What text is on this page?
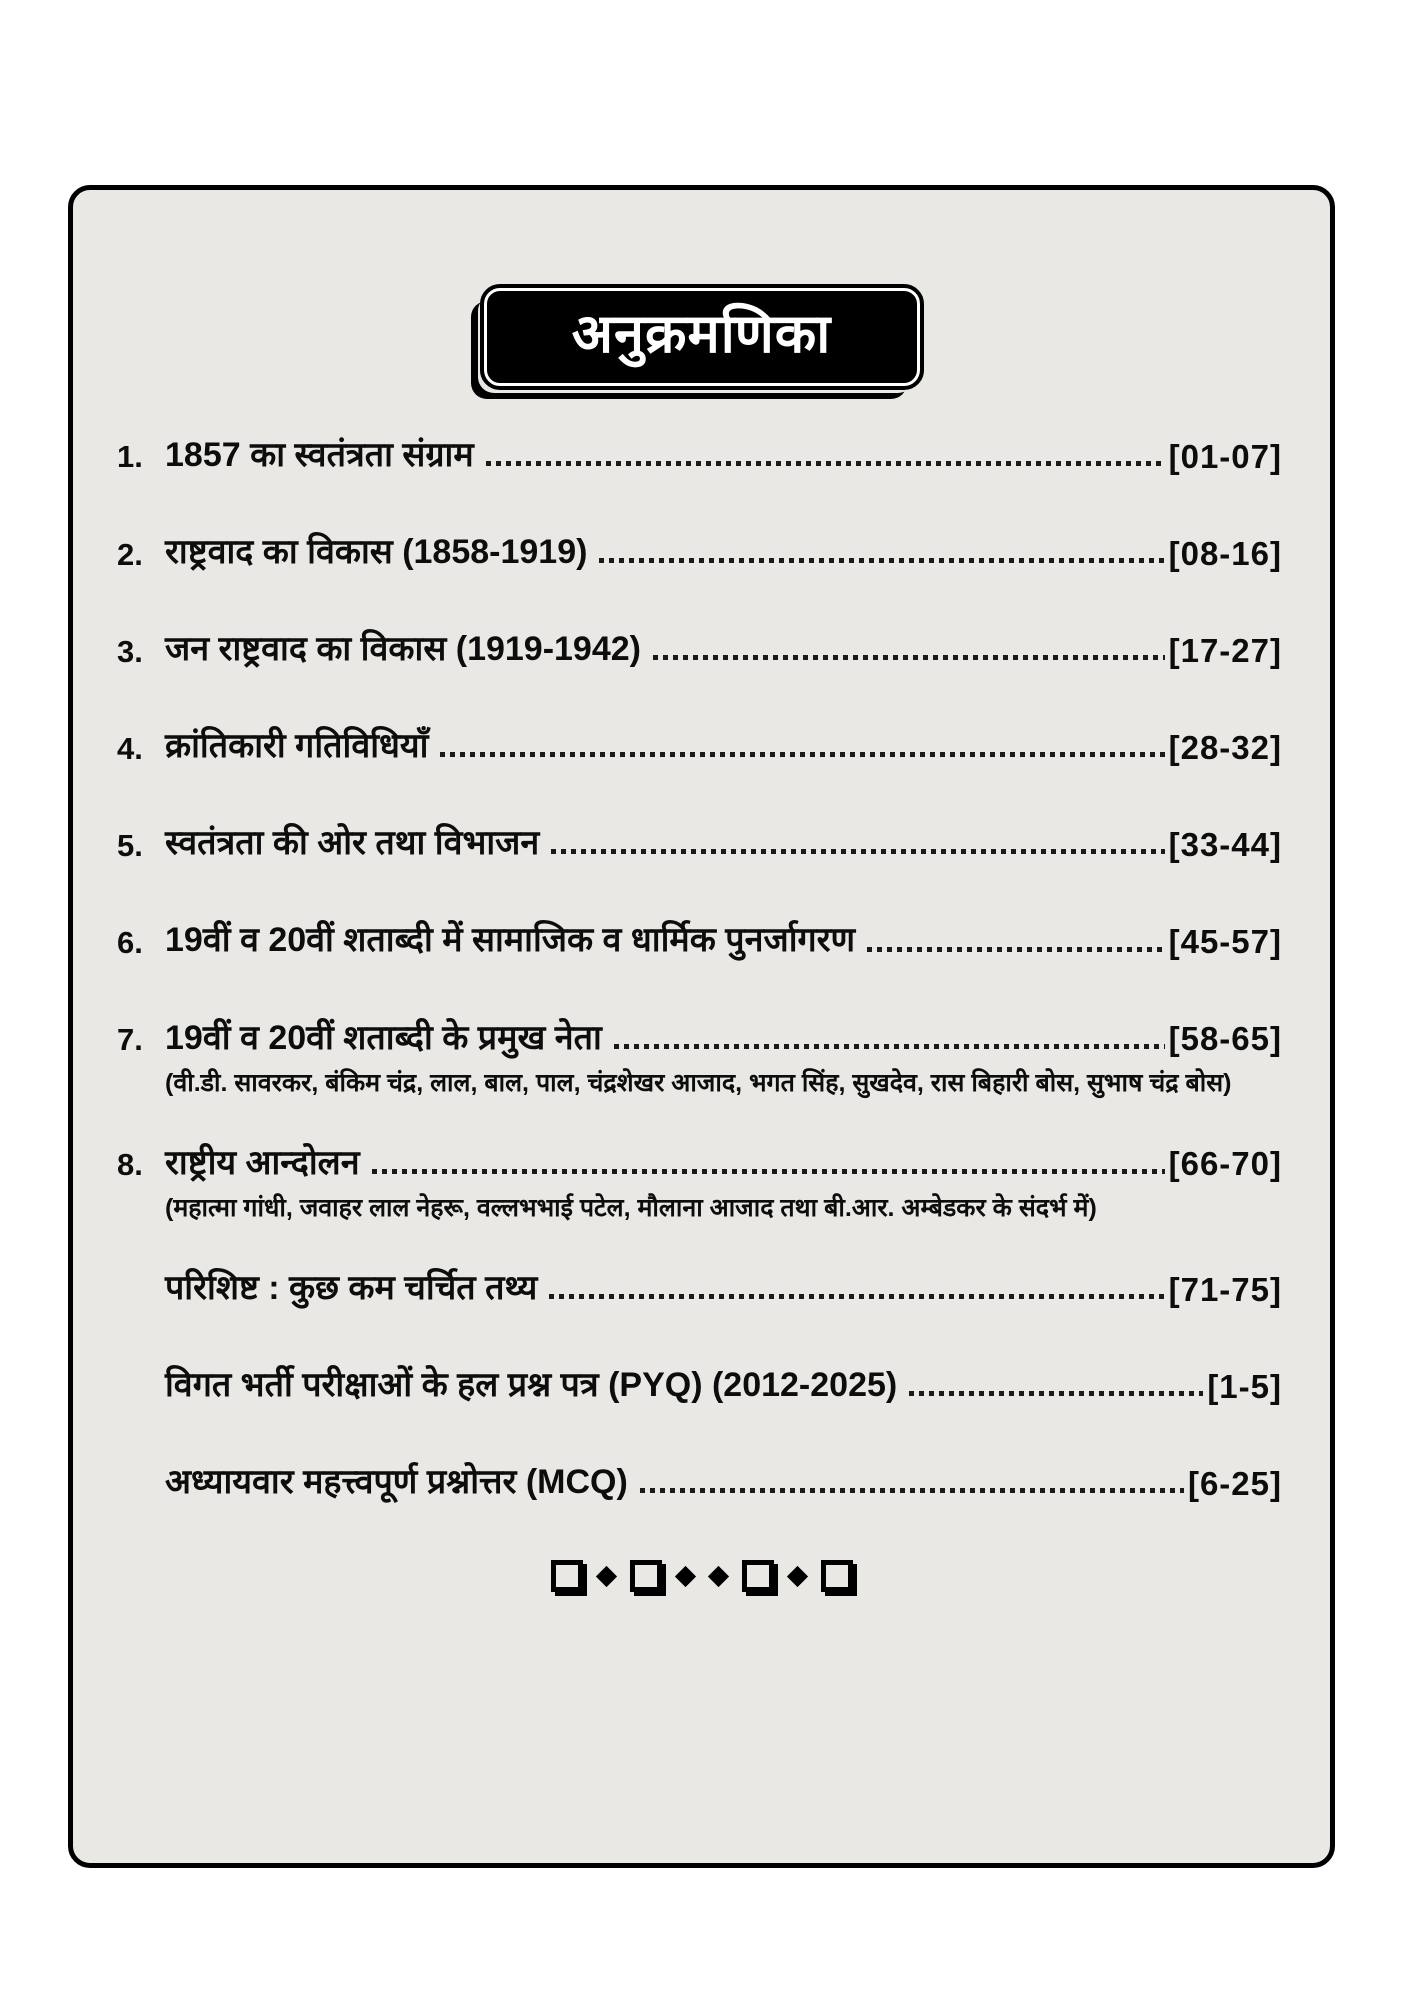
अनुक्रमणिका
1. 1857 का स्वतंत्रता संग्राम	[01-07]
2. राष्ट्रवाद का विकास (1858-1919)	[08-16]
3. जन राष्ट्रवाद का विकास (1919-1942)	[17-27]
4. क्रांतिकारी गतिविधियाँ	[28-32]
5. स्वतंत्रता की ओर तथा विभाजन	[33-44]
6. 19वीं व 20वीं शताब्दी में सामाजिक व धार्मिक पुनर्जागरण	[45-57]
7. 19वीं व 20वीं शताब्दी के प्रमुख नेता	[58-65]
(वी.डी. सावरकर, बंकिम चंद्र, लाल, बाल, पाल, चंद्रशेखर आजाद, भगत सिंह, सुखदेव, रास बिहारी बोस, सुभाष चंद्र बोस)
8. राष्ट्रीय आन्दोलन	[66-70]
(महात्मा गांधी, जवाहर लाल नेहरू, वल्लभभाई पटेल, मौलाना आजाद तथा बी.आर. अम्बेडकर के संदर्भ में)
परिशिष्ट : कुछ कम चर्चित तथ्य	[71-75]
विगत भर्ती परीक्षाओं के हल प्रश्न पत्र (PYQ) (2012-2025)	[1-5]
अध्यायवार महत्त्वपूर्ण प्रश्नोत्तर (MCQ)	[6-25]
